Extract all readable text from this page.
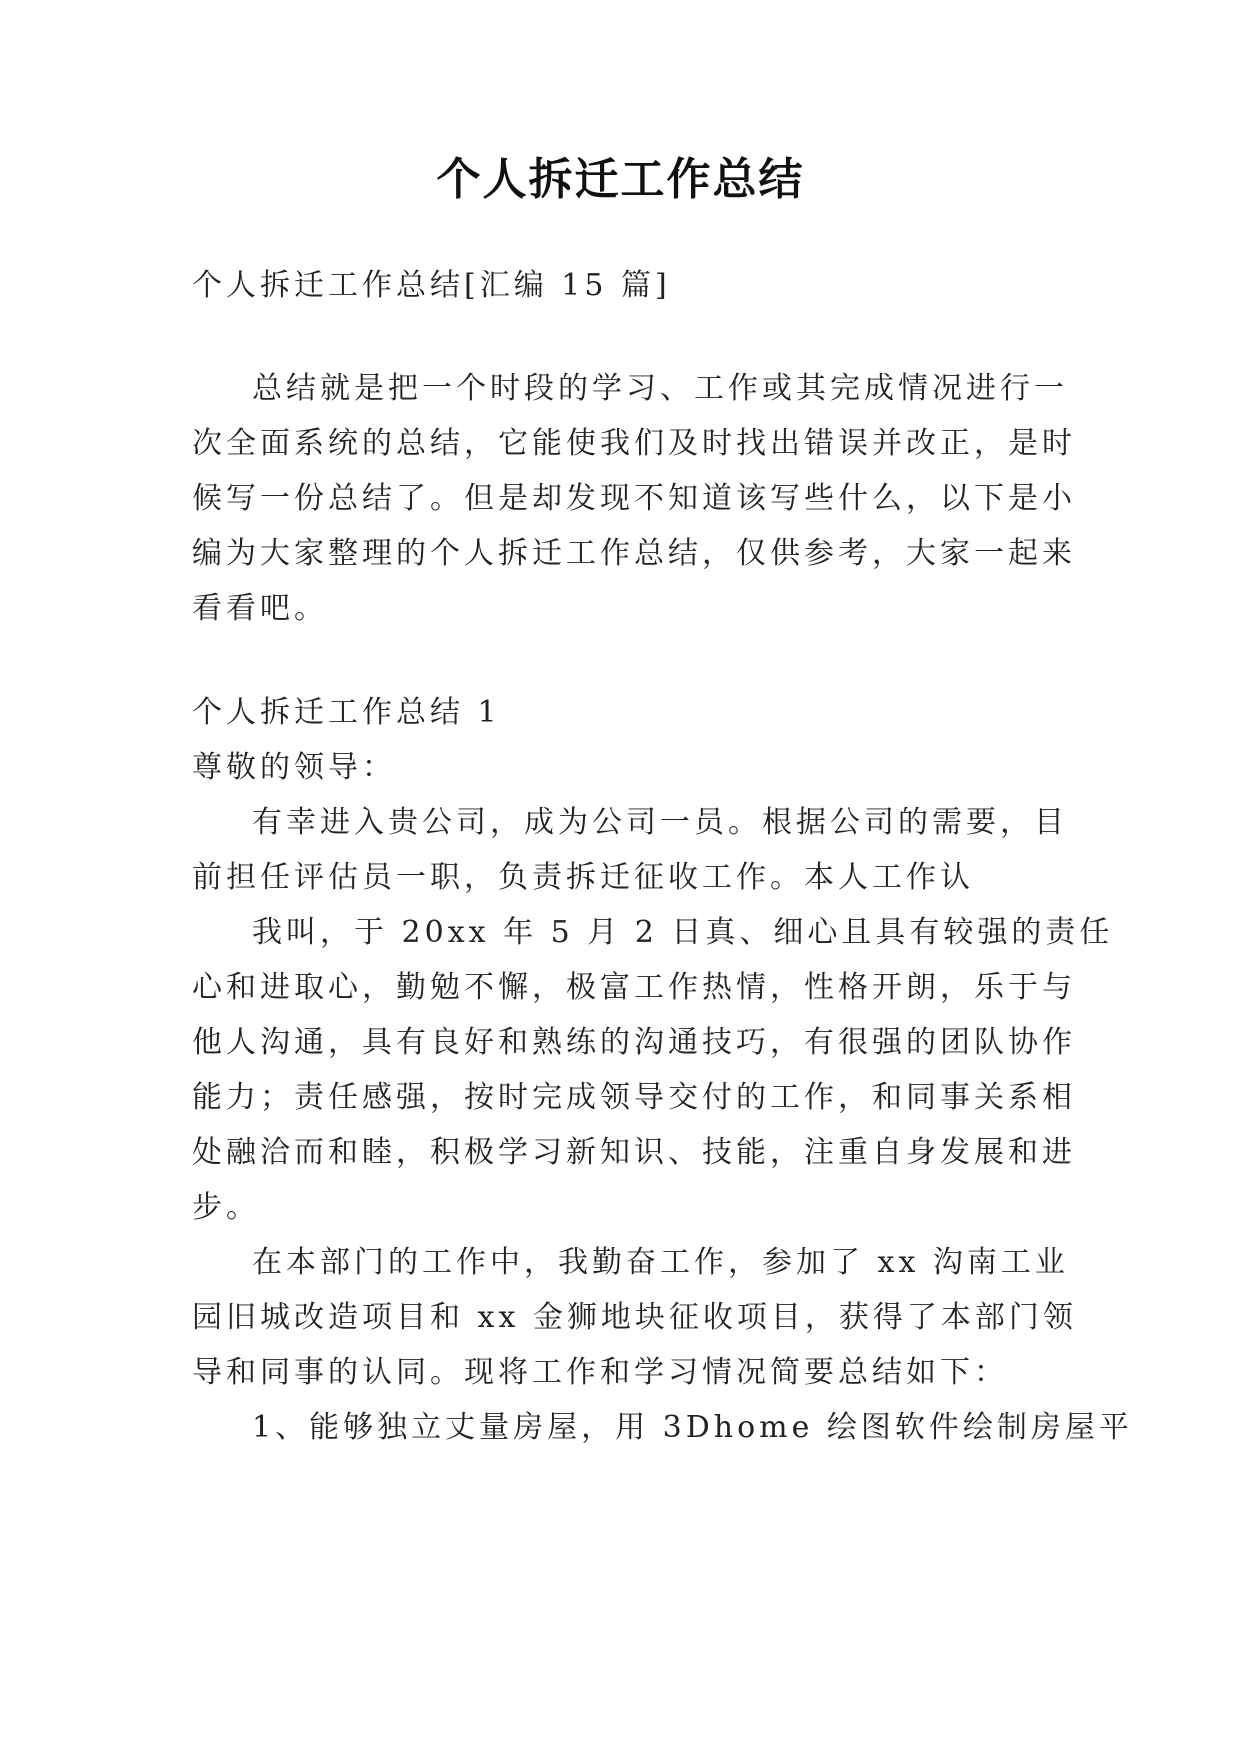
个人拆迁工作总结
个人拆迁工作总结[汇编 15 篇]
总结就是把一个时段的学习、工作或其完成情况进行一
次全面系统的总结，它能使我们及时找出错误并改正，是时
候写一份总结了。但是却发现不知道该写些什么，以下是小
编为大家整理的个人拆迁工作总结，仅供参考，大家一起来
看看吧。
个人拆迁工作总结 1
尊敬的领导：
有幸进入贵公司，成为公司一员。根据公司的需要，目
前担任评估员一职，负责拆迁征收工作。本人工作认
我叫，于 20xx 年 5 月 2 日真、细心且具有较强的责任
心和进取心，勤勉不懈，极富工作热情，性格开朗，乐于与
他人沟通，具有良好和熟练的沟通技巧，有很强的团队协作
能力；责任感强，按时完成领导交付的工作，和同事关系相
处融洽而和睦，积极学习新知识、技能，注重自身发展和进
步。
在本部门的工作中，我勤奋工作，参加了 xx 沟南工业
园旧城改造项目和 xx 金狮地块征收项目，获得了本部门领
导和同事的认同。现将工作和学习情况简要总结如下：
1、能够独立丈量房屋，用 3Dhome 绘图软件绘制房屋平
